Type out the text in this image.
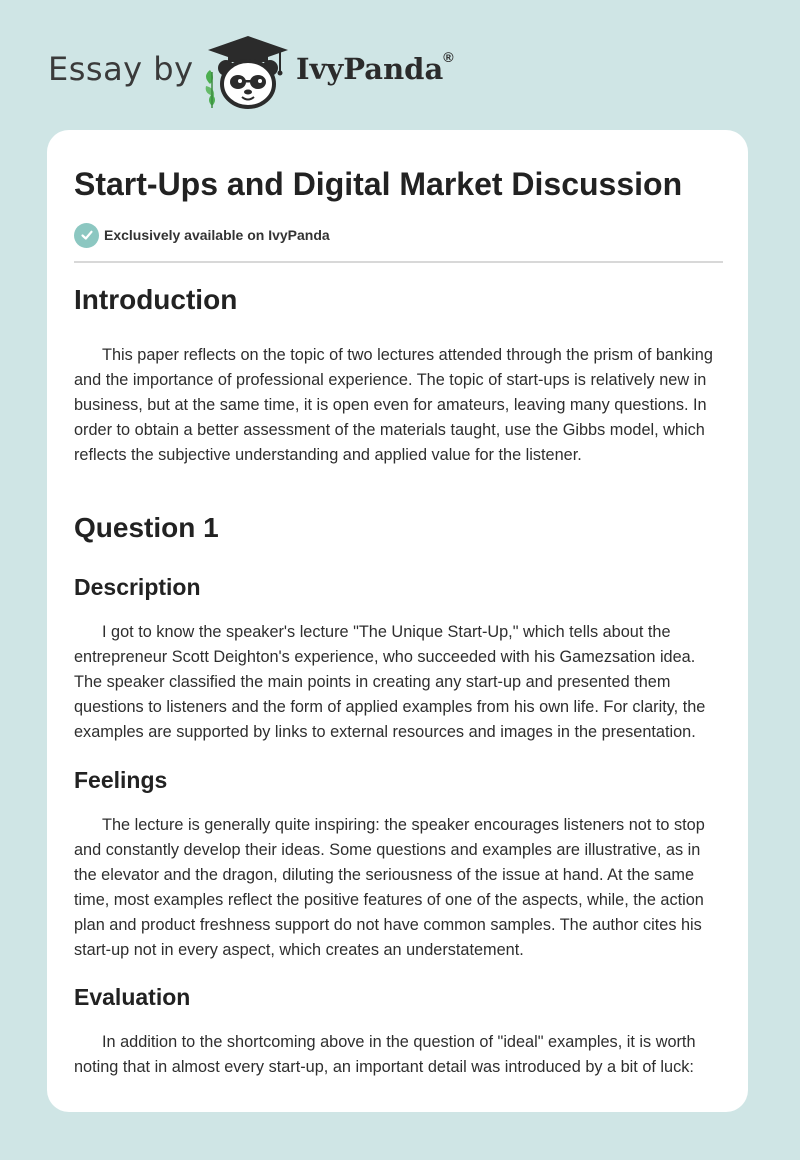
Essay by	IvyPanda®
Start-Ups and Digital Market Discussion
Exclusively available on IvyPanda
Introduction

This paper reflects on the topic of two lectures attended through the prism of banking and the importance of professional experience. The topic of start-ups is relatively new in business, but at the same time, it is open even for amateurs, leaving many questions. In order to obtain a better assessment of the materials taught, use the Gibbs model, which reflects the subjective understanding and applied value for the listener.

Question 1
Description

I got to know the speaker's lecture "The Unique Start-Up," which tells about the entrepreneur Scott Deighton's experience, who succeeded with his Gamezsation idea. The speaker classified the main points in creating any start-up and presented them questions to listeners and the form of applied examples from his own life. For clarity, the examples are supported by links to external resources and images in the presentation.

Feelings

The lecture is generally quite inspiring: the speaker encourages listeners not to stop and constantly develop their ideas. Some questions and examples are illustrative, as in the elevator and the dragon, diluting the seriousness of the issue at hand. At the same time, most examples reflect the positive features of one of the aspects, while, the action plan and product freshness support do not have common samples. The author cites his start-up not in every aspect, which creates an understatement.

Evaluation

In addition to the shortcoming above in the question of "ideal" examples, it is worth noting that in almost every start-up, an important detail was introduced by a bit of luck:
